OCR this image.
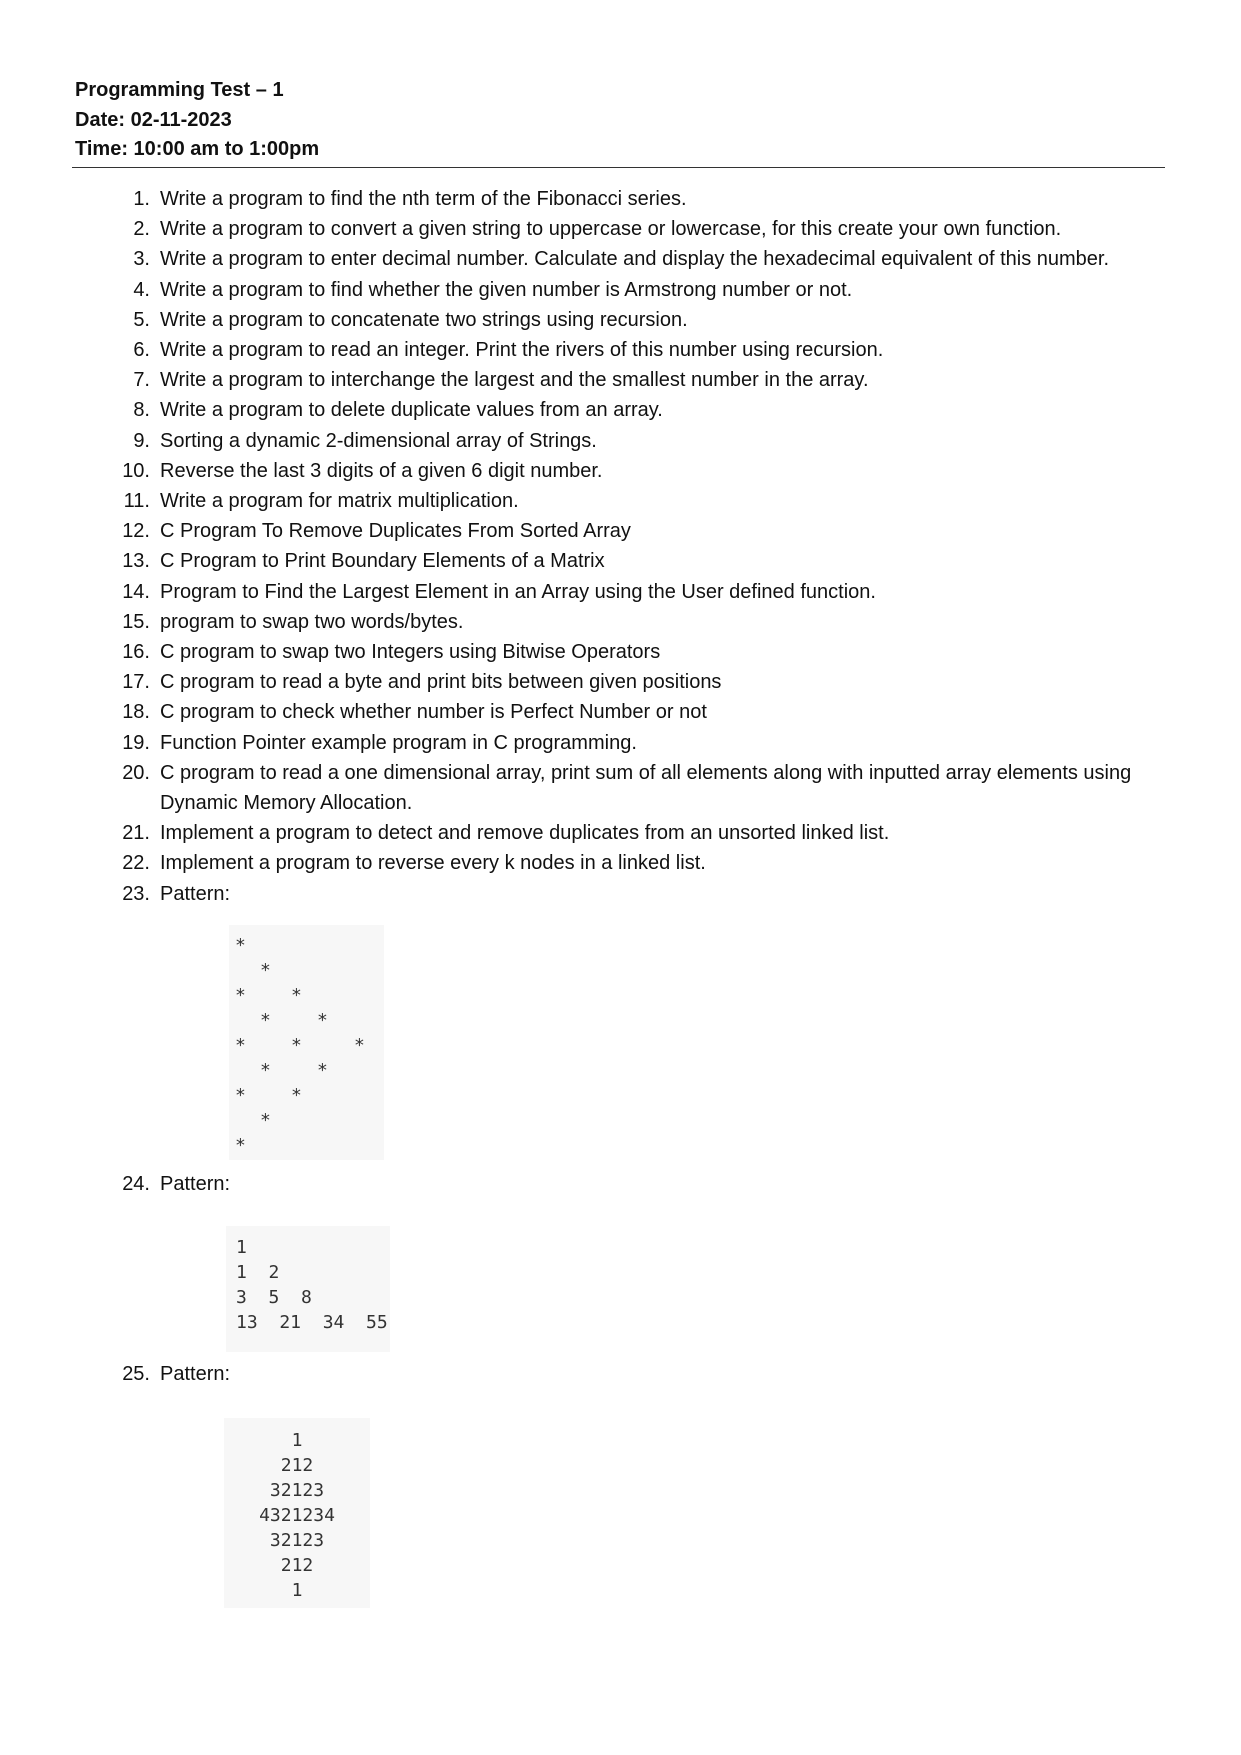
Programming Test – 1

Date: 02-11-2023

Time: 10:00 am to 1:00pm

1. Write a program to find the nth term of the Fibonacci series.
2. Write a program to convert a given string to uppercase or lowercase, for this create your own function.
3. Write a program to enter decimal number. Calculate and display the hexadecimal equivalent of this number.
4. Write a program to find whether the given number is Armstrong number or not.
5. Write a program to concatenate two strings using recursion.
6. Write a program to read an integer. Print the rivers of this number using recursion.
7. Write a program to interchange the largest and the smallest number in the array.
8. Write a program to delete duplicate values from an array.
9. Sorting a dynamic 2-dimensional array of Strings.
10. Reverse the last 3 digits of a given 6 digit number.
11. Write a program for matrix multiplication.
12. C Program To Remove Duplicates From Sorted Array
13. C Program to Print Boundary Elements of a Matrix
14. Program to Find the Largest Element in an Array using the User defined function.
15. program to swap two words/bytes.
16. C program to swap two Integers using Bitwise Operators
17. C program to read a byte and print bits between given positions
18. C program to check whether number is Perfect Number or not
19. Function Pointer example program in C programming.
20. C program to read a one dimensional array, print sum of all elements along with inputted array elements using Dynamic Memory Allocation.
21. Implement a program to detect and remove duplicates from an unsorted linked list.
22. Implement a program to reverse every k nodes in a linked list.
23. Pattern:
*
*
*	*
*	*
*	*	*
*	*
*	*
*
*
24. Pattern:
1
1  2
3  5  8
13  21  34  55
25. Pattern:
1
212
32123
4321234
32123
212
1
